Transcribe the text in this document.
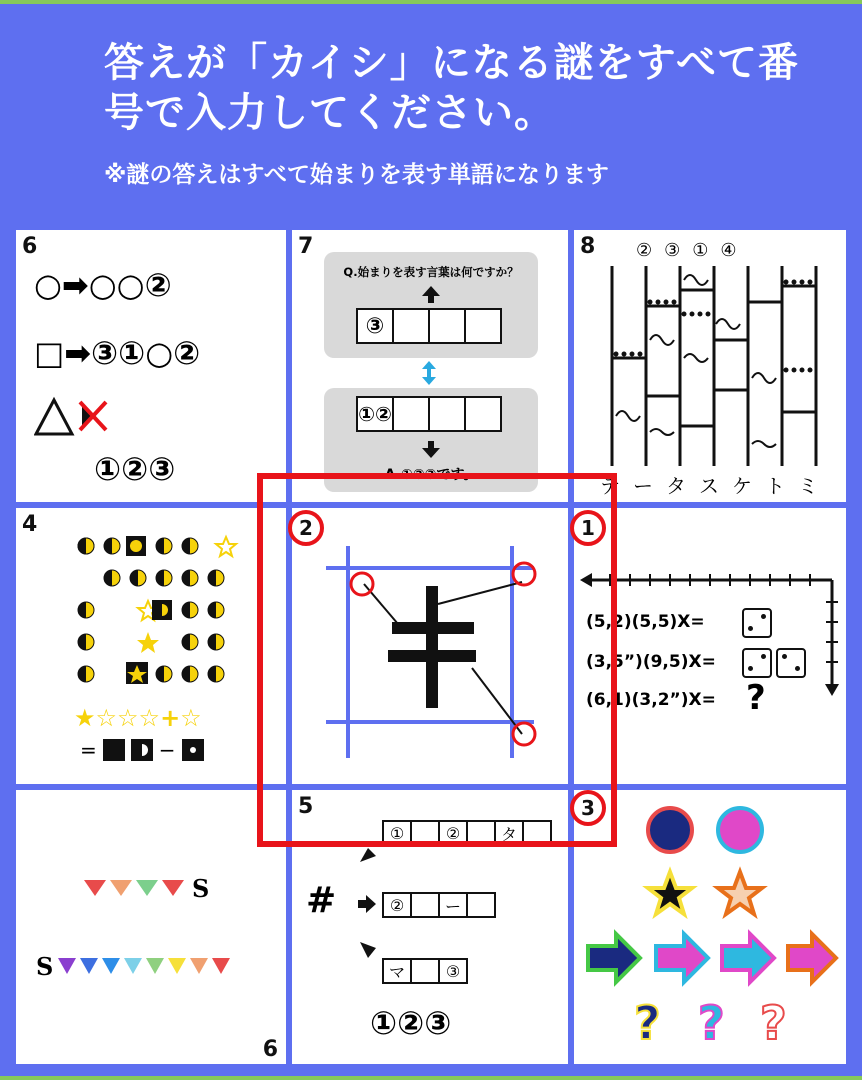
答えが「カイシ」になる謎をすべて番号で入力してください。
※謎の答えはすべて始まりを表す単語になります
6
○➡○○②
□➡③①○②
①②③
7
Q.始まりを表す言葉は何ですか？
③
①②
A.①②③です。
8 ② ③ ① ④
テ ー タ ス ケ ト ミ
4
★☆☆☆+☆
=	−
(5,2)(5,5)X=
(3,5”)(9,5)X=
(6,1)(3,2”)X= ?
S
S
6
5
①	②	タ
#	②	ー
マ	③
①②③	? ? ?
2	1
3
